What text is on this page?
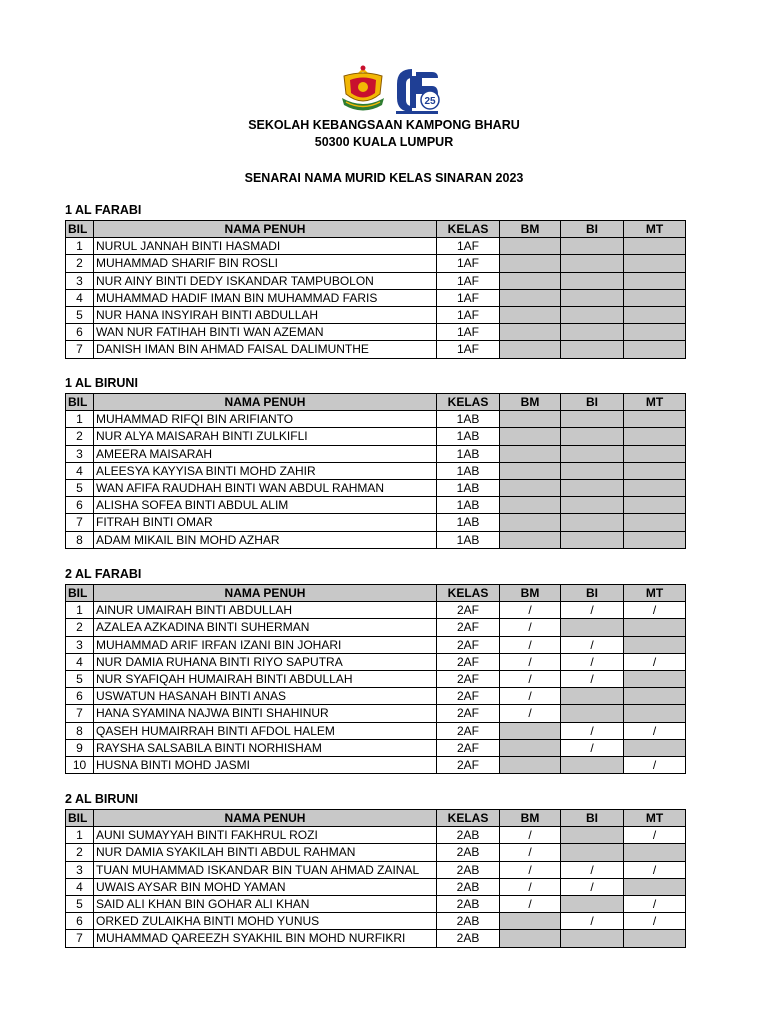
25
SEKOLAH KEBANGSAAN KAMPONG BHARU
50300 KUALA LUMPUR
SENARAI NAMA MURID KELAS SINARAN 2023
1 AL FARABI
BIL	NAMA PENUH	KELAS	BM	BI	MT
1	NURUL JANNAH BINTI HASMADI	1AF			
2	MUHAMMAD SHARIF BIN ROSLI	1AF			
3	NUR AINY BINTI DEDY ISKANDAR TAMPUBOLON	1AF			
4	MUHAMMAD HADIF IMAN BIN MUHAMMAD FARIS	1AF			
5	NUR HANA INSYIRAH BINTI ABDULLAH	1AF			
6	WAN NUR FATIHAH BINTI WAN AZEMAN	1AF			
7	DANISH IMAN BIN AHMAD FAISAL DALIMUNTHE	1AF			
1 AL BIRUNI
BIL	NAMA PENUH	KELAS	BM	BI	MT
1	MUHAMMAD RIFQI BIN ARIFIANTO	1AB			
2	NUR ALYA MAISARAH BINTI ZULKIFLI	1AB			
3	AMEERA MAISARAH	1AB			
4	ALEESYA KAYYISA BINTI MOHD ZAHIR	1AB			
5	WAN AFIFA RAUDHAH BINTI WAN ABDUL RAHMAN	1AB			
6	ALISHA SOFEA BINTI ABDUL ALIM	1AB			
7	FITRAH BINTI OMAR	1AB			
8	ADAM MIKAIL BIN MOHD AZHAR	1AB			
2 AL FARABI
BIL	NAMA PENUH	KELAS	BM	BI	MT
1	AINUR UMAIRAH BINTI ABDULLAH	2AF	/	/	/
2	AZALEA AZKADINA BINTI SUHERMAN	2AF	/		
3	MUHAMMAD ARIF IRFAN IZANI BIN JOHARI	2AF	/	/	
4	NUR DAMIA RUHANA BINTI RIYO SAPUTRA	2AF	/	/	/
5	NUR SYAFIQAH HUMAIRAH BINTI ABDULLAH	2AF	/	/	
6	USWATUN HASANAH BINTI ANAS	2AF	/		
7	HANA SYAMINA NAJWA BINTI SHAHINUR	2AF	/		
8	QASEH HUMAIRRAH BINTI AFDOL HALEM	2AF		/	/
9	RAYSHA SALSABILA BINTI NORHISHAM	2AF		/	
10	HUSNA BINTI MOHD JASMI	2AF			/
2 AL BIRUNI
BIL	NAMA PENUH	KELAS	BM	BI	MT
1	AUNI SUMAYYAH BINTI FAKHRUL ROZI	2AB	/		/
2	NUR DAMIA SYAKILAH BINTI ABDUL RAHMAN	2AB	/		
3	TUAN MUHAMMAD ISKANDAR BIN TUAN AHMAD ZAINAL	2AB	/	/	/
4	UWAIS AYSAR BIN MOHD YAMAN	2AB	/	/	
5	SAID ALI KHAN BIN GOHAR ALI KHAN	2AB	/		/
6	ORKED ZULAIKHA BINTI MOHD YUNUS	2AB		/	/
7	MUHAMMAD QAREEZH SYAKHIL BIN MOHD NURFIKRI	2AB			
